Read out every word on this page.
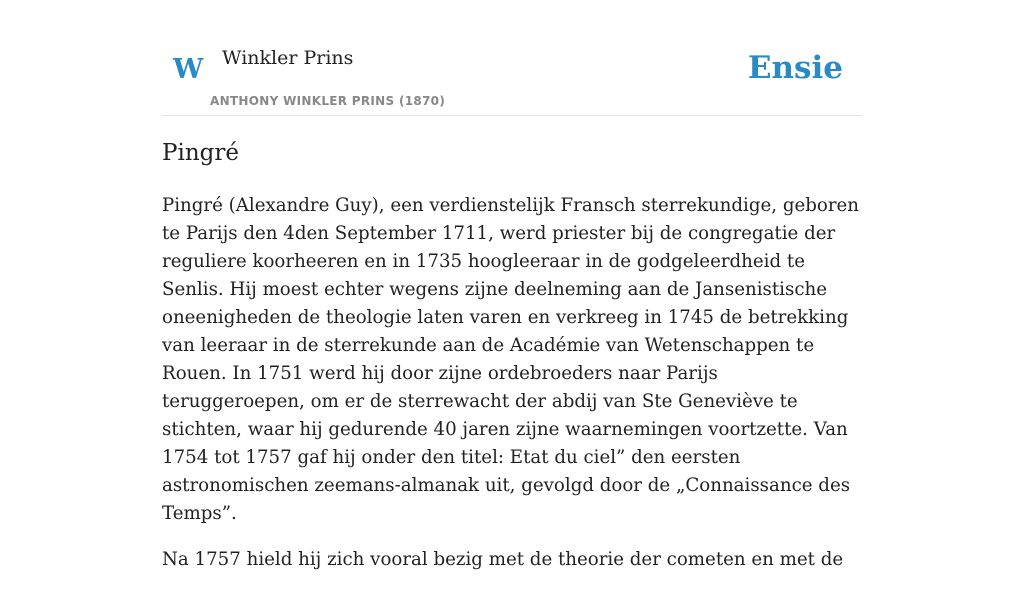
W Winkler Prins
ANTHONY WINKLER PRINS (1870)
Ensie
Pingré

Pingré (Alexandre Guy), een verdienstelijk Fransch sterrekundige, geboren te Parijs den 4den September 1711, werd priester bij de congregatie der reguliere koorheeren en in 1735 hoogleeraar in de godgeleerdheid te Senlis. Hij moest echter wegens zijne deelneming aan de Jansenistische oneenigheden de theologie laten varen en verkreeg in 1745 de betrekking van leeraar in de sterrekunde aan de Académie van Wetenschappen te Rouen. In 1751 werd hij door zijne ordebroeders naar Parijs teruggeroepen, om er de sterrewacht der abdij van Ste Geneviève te stichten, waar hij gedurende 40 jaren zijne waarnemingen voortzette. Van 1754 tot 1757 gaf hij onder den titel: Etat du ciel” den eersten astronomischen zeemans-almanak uit, gevolgd door de „Connaissance des Temps”.

Na 1757 hield hij zich vooral bezig met de theorie der cometen en met de
